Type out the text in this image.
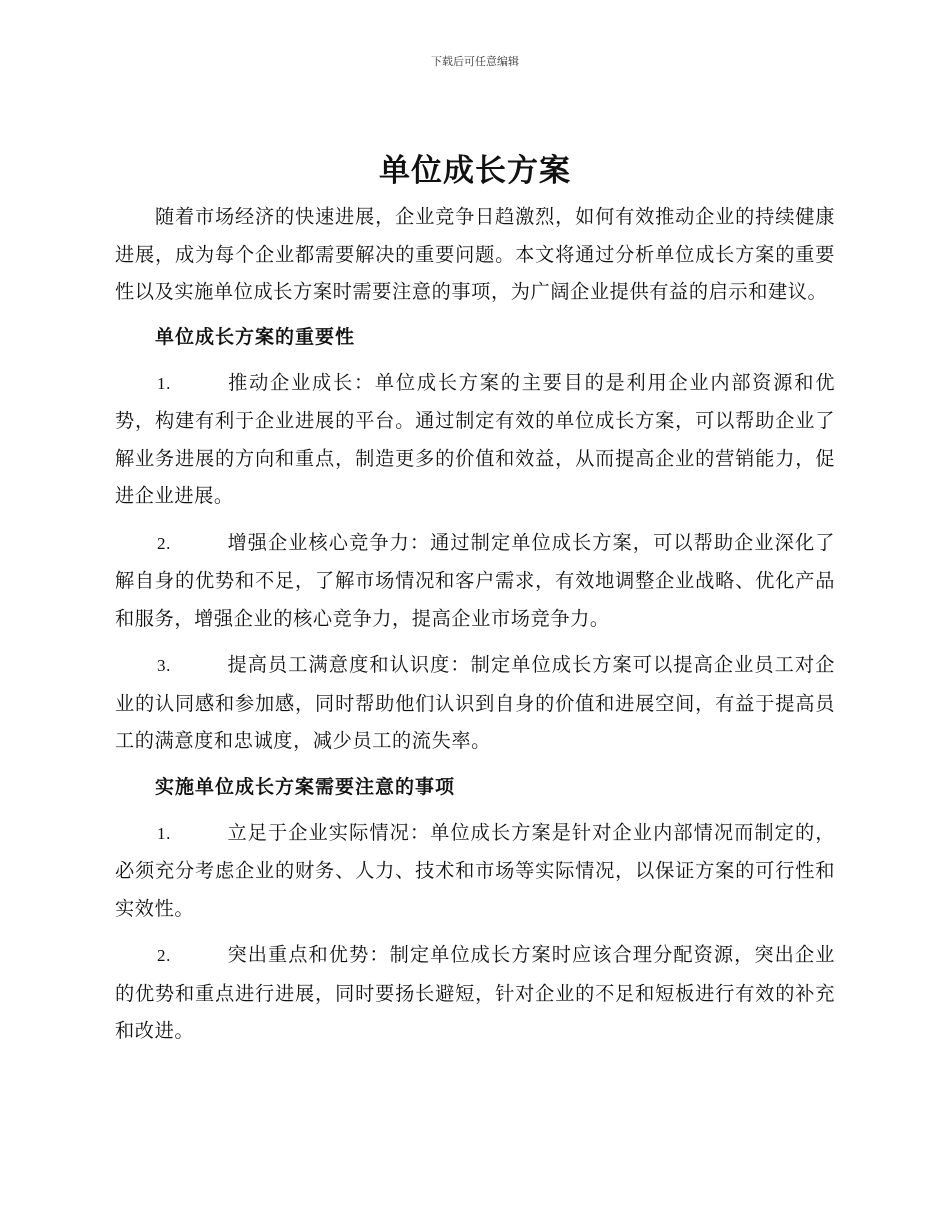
下载后可任意编辑
单位成长方案

随着市场经济的快速进展，企业竞争日趋激烈，如何有效推动企业的持续健康进展，成为每个企业都需要解决的重要问题。本文将通过分析单位成长方案的重要性以及实施单位成长方案时需要注意的事项，为广阔企业提供有益的启示和建议。

单位成长方案的重要性

1.	推动企业成长：单位成长方案的主要目的是利用企业内部资源和优势，构建有利于企业进展的平台。通过制定有效的单位成长方案，可以帮助企业了解业务进展的方向和重点，制造更多的价值和效益，从而提高企业的营销能力，促进企业进展。

2.	增强企业核心竞争力：通过制定单位成长方案，可以帮助企业深化了解自身的优势和不足，了解市场情况和客户需求，有效地调整企业战略、优化产品和服务，增强企业的核心竞争力，提高企业市场竞争力。

3.	提高员工满意度和认识度：制定单位成长方案可以提高企业员工对企业的认同感和参加感，同时帮助他们认识到自身的价值和进展空间，有益于提高员工的满意度和忠诚度，减少员工的流失率。

实施单位成长方案需要注意的事项

1.	立足于企业实际情况：单位成长方案是针对企业内部情况而制定的，必须充分考虑企业的财务、人力、技术和市场等实际情况，以保证方案的可行性和实效性。

2.	突出重点和优势：制定单位成长方案时应该合理分配资源，突出企业的优势和重点进行进展，同时要扬长避短，针对企业的不足和短板进行有效的补充和改进。
